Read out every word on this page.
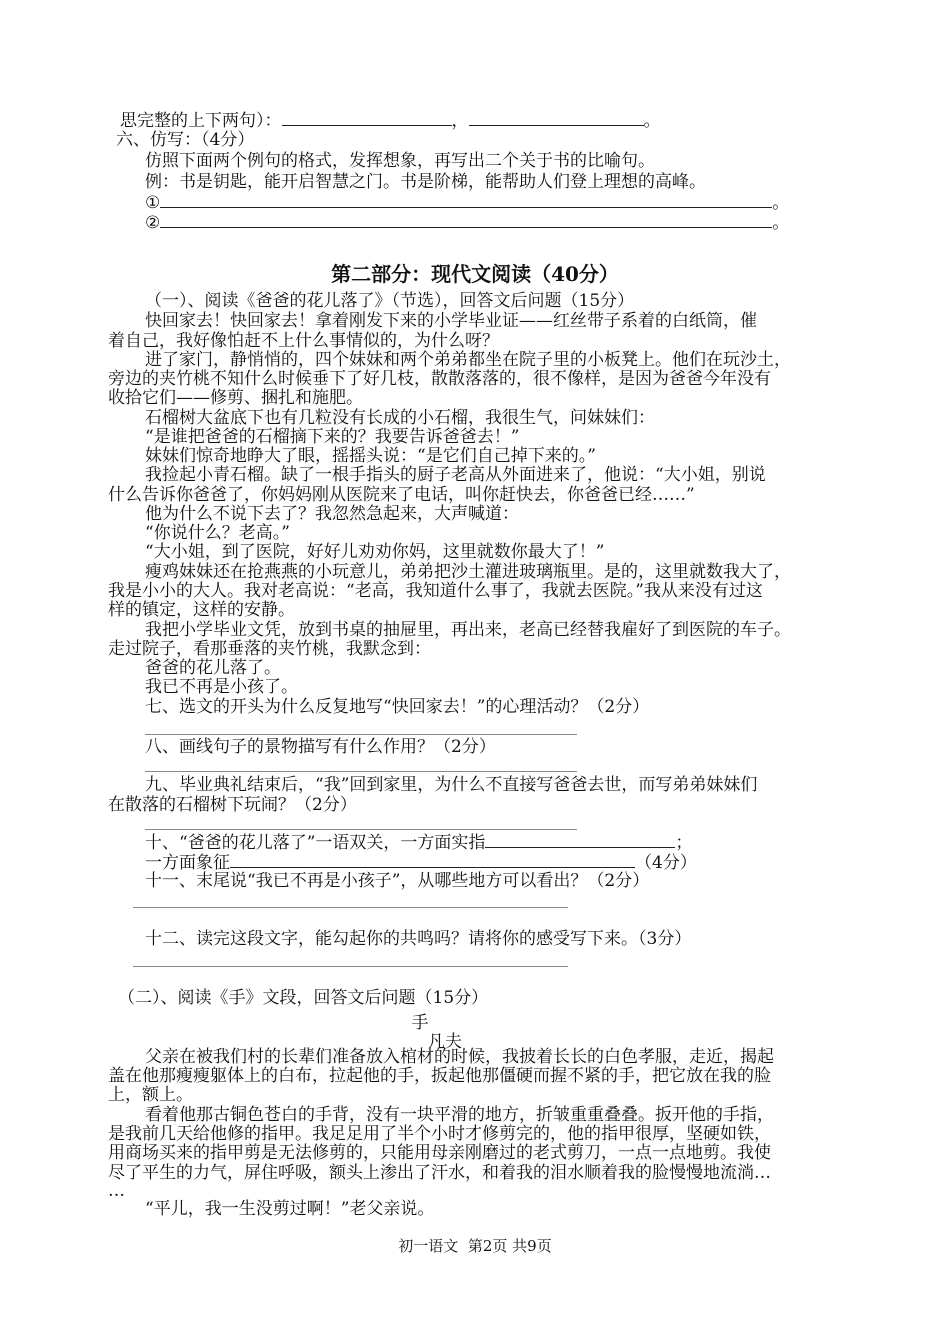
思完整的上下两句）：	，	。
六、仿写：（4分）
仿照下面两个例句的格式，发挥想象，再写出二个关于书的比喻句。
例：书是钥匙，能开启智慧之门。书是阶梯，能帮助人们登上理想的高峰。
①	。
②	。
第二部分：现代文阅读（40分）
（一）、阅读《爸爸的花儿落了》（节选），回答文后问题（15分）
快回家去！快回家去！拿着刚发下来的小学毕业证——红丝带子系着的白纸筒，催
着自己，我好像怕赶不上什么事情似的，为什么呀？
进了家门，静悄悄的，四个妹妹和两个弟弟都坐在院子里的小板凳上。他们在玩沙土，
旁边的夹竹桃不知什么时候垂下了好几枝，散散落落的，很不像样，是因为爸爸今年没有
收拾它们——修剪、捆扎和施肥。
石榴树大盆底下也有几粒没有长成的小石榴，我很生气，问妹妹们：
“是谁把爸爸的石榴摘下来的？我要告诉爸爸去！”
妹妹们惊奇地睁大了眼，摇摇头说：“是它们自己掉下来的。”
我捡起小青石榴。缺了一根手指头的厨子老高从外面进来了，他说：“大小姐，别说
什么告诉你爸爸了，你妈妈刚从医院来了电话，叫你赶快去，你爸爸已经……”
他为什么不说下去了？我忽然急起来，大声喊道：
“你说什么？老高。”
“大小姐，到了医院，好好儿劝劝你妈，这里就数你最大了！”
瘦鸡妹妹还在抢燕燕的小玩意儿，弟弟把沙土灌进玻璃瓶里。是的，这里就数我大了，
我是小小的大人。我对老高说：“老高，我知道什么事了，我就去医院。”我从来没有过这
样的镇定，这样的安静。
我把小学毕业文凭，放到书桌的抽屉里，再出来，老高已经替我雇好了到医院的车子。
走过院子，看那垂落的夹竹桃，我默念到：
爸爸的花儿落了。
我已不再是小孩了。
七、选文的开头为什么反复地写“快回家去！”的心理活动？（2分）
八、画线句子的景物描写有什么作用？（2分）
九、毕业典礼结束后，“我”回到家里，为什么不直接写爸爸去世，而写弟弟妹妹们
在散落的石榴树下玩闹？（2分）
十、“爸爸的花儿落了”一语双关，一方面实指	；
一方面象征	（4分）
十一、末尾说“我已不再是小孩子”，从哪些地方可以看出？（2分）
十二、读完这段文字，能勾起你的共鸣吗？请将你的感受写下来。（3分）
（二）、阅读《手》文段，回答文后问题（15分）
手
凡夫
父亲在被我们村的长辈们准备放入棺材的时候，我披着长长的白色孝服，走近，揭起
盖在他那瘦瘦躯体上的白布，拉起他的手，扳起他那僵硬而握不紧的手，把它放在我的脸
上，额上。
看着他那古铜色苍白的手背，没有一块平滑的地方，折皱重重叠叠。扳开他的手指，
是我前几天给他修的指甲。我足足用了半个小时才修剪完的，他的指甲很厚，坚硬如铁，
用商场买来的指甲剪是无法修剪的，只能用母亲刚磨过的老式剪刀，一点一点地剪。我使
尽了平生的力气，屏住呼吸，额头上渗出了汗水，和着我的泪水顺着我的脸慢慢地流淌…
…
“平儿，我一生没剪过啊！”老父亲说。
初一语文  第2页 共9页
